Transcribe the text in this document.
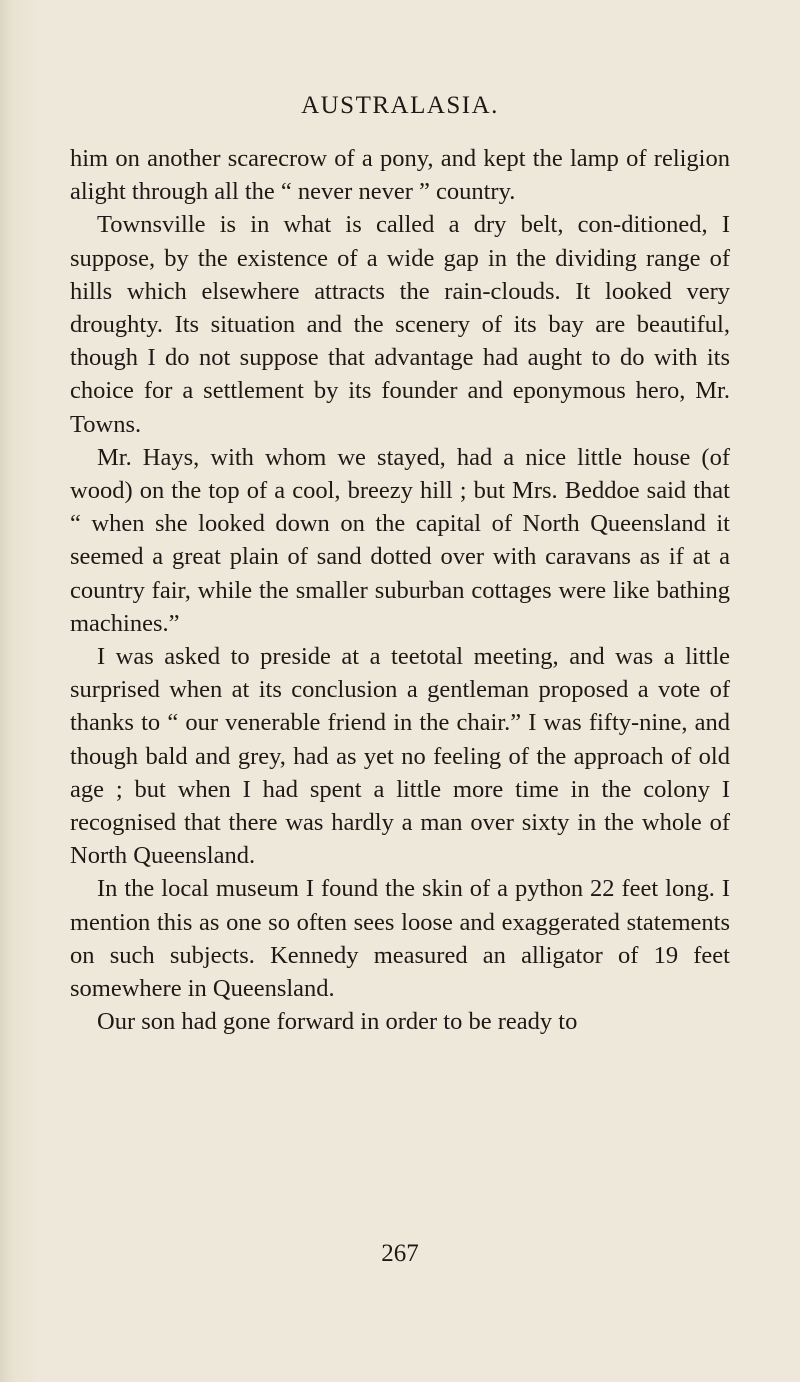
AUSTRALASIA.

him on another scarecrow of a pony, and kept the lamp of religion alight through all the “ never never ” country.

Townsville is in what is called a dry belt, con-ditioned, I suppose, by the existence of a wide gap in the dividing range of hills which elsewhere attracts the rain-clouds. It looked very droughty. Its situation and the scenery of its bay are beautiful, though I do not suppose that advantage had aught to do with its choice for a settlement by its founder and eponymous hero, Mr. Towns.

Mr. Hays, with whom we stayed, had a nice little house (of wood) on the top of a cool, breezy hill ; but Mrs. Beddoe said that “ when she looked down on the capital of North Queensland it seemed a great plain of sand dotted over with caravans as if at a country fair, while the smaller suburban cottages were like bathing machines.”

I was asked to preside at a teetotal meeting, and was a little surprised when at its conclusion a gentleman proposed a vote of thanks to “ our venerable friend in the chair.” I was fifty-nine, and though bald and grey, had as yet no feeling of the approach of old age ; but when I had spent a little more time in the colony I recognised that there was hardly a man over sixty in the whole of North Queensland.

In the local museum I found the skin of a python 22 feet long. I mention this as one so often sees loose and exaggerated statements on such subjects. Kennedy measured an alligator of 19 feet somewhere in Queensland.

Our son had gone forward in order to be ready to

267
